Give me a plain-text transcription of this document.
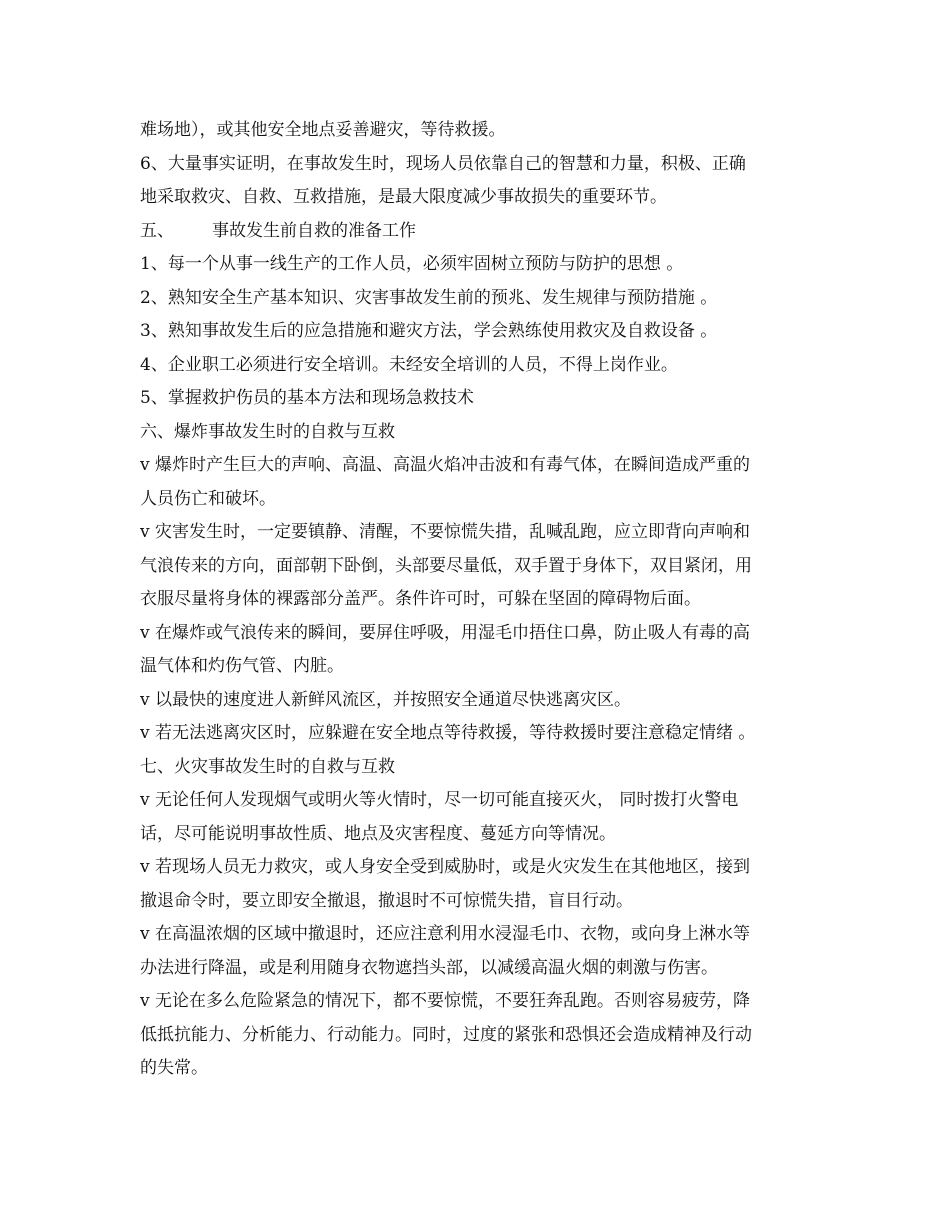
难场地），或其他安全地点妥善避灾，等待救援。
6、大量事实证明，在事故发生时，现场人员依靠自己的智慧和力量，积极、正确
地采取救灾、自救、互救措施，是最大限度减少事故损失的重要环节。
五、 事故发生前自救的准备工作
1、每一个从事一线生产的工作人员，必须牢固树立预防与防护的思想 。
2、熟知安全生产基本知识、灾害事故发生前的预兆、发生规律与预防措施 。
3、熟知事故发生后的应急措施和避灾方法，学会熟练使用救灾及自救设备 。
4、企业职工必须进行安全培训。未经安全培训的人员，不得上岗作业。
5、掌握救护伤员的基本方法和现场急救技术
六、爆炸事故发生时的自救与互救
v 爆炸时产生巨大的声响、高温、高温火焰冲击波和有毒气体，在瞬间造成严重的
人员伤亡和破坏。
v 灾害发生时，一定要镇静、清醒，不要惊慌失措，乱喊乱跑，应立即背向声响和
气浪传来的方向，面部朝下卧倒，头部要尽量低，双手置于身体下，双目紧闭，用
衣服尽量将身体的裸露部分盖严。条件许可时，可躲在坚固的障碍物后面。
v 在爆炸或气浪传来的瞬间，要屏住呼吸，用湿毛巾捂住口鼻，防止吸人有毒的高
温气体和灼伤气管、内脏。
v 以最快的速度进人新鲜风流区，并按照安全通道尽快逃离灾区。
v 若无法逃离灾区时，应躲避在安全地点等待救援，等待救援时要注意稳定情绪 。
七、火灾事故发生时的自救与互救
v 无论任何人发现烟气或明火等火情时，尽一切可能直接灭火， 同时拨打火警电
话，尽可能说明事故性质、地点及灾害程度、蔓延方向等情况。
v 若现场人员无力救灾，或人身安全受到威胁时，或是火灾发生在其他地区，接到
撤退命令时，要立即安全撤退，撤退时不可惊慌失措，盲目行动。
v 在高温浓烟的区域中撤退时，还应注意利用水浸湿毛巾、衣物，或向身上淋水等
办法进行降温，或是利用随身衣物遮挡头部，以减缓高温火烟的刺激与伤害。
v 无论在多么危险紧急的情况下，都不要惊慌，不要狂奔乱跑。否则容易疲劳，降
低抵抗能力、分析能力、行动能力。同时，过度的紧张和恐惧还会造成精神及行动
的失常。
